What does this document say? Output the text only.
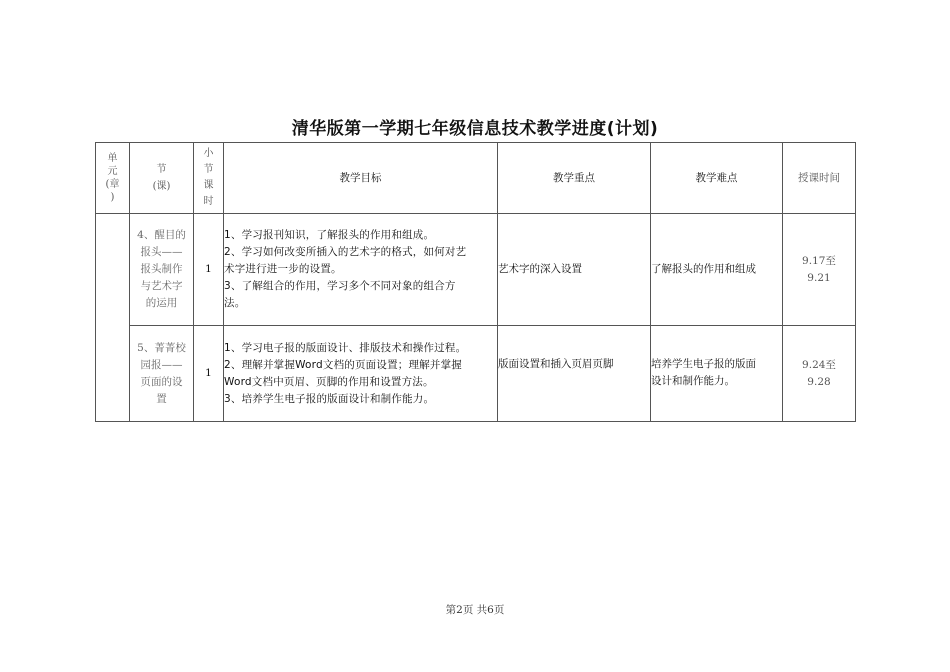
清华版第一学期七年级信息技术教学进度(计划)
单
元
(章
)	节
(课)	小
节
课
时	教学目标	教学重点	教学难点	授课时间

	4、醒目的
报头——
报头制作
与艺术字
的运用	1	1、学习报刊知识，了解报头的作用和组成。
2、学习如何改变所插入的艺术字的格式，如何对艺
术字进行进一步的设置。
3、了解组合的作用，学习多个不同对象的组合方
法。	艺术字的深入设置	了解报头的作用和组成	9.17至
9.21

	5、菁菁校
园报——
页面的设
置	1	1、学习电子报的版面设计、排版技术和操作过程。
2、理解并掌握Word文档的页面设置；理解并掌握
Word文档中页眉、页脚的作用和设置方法。
3、培养学生电子报的版面设计和制作能力。	版面设置和插入页眉页脚	培养学生电子报的版面
设计和制作能力。	9.24至
9.28
第2页 共6页
